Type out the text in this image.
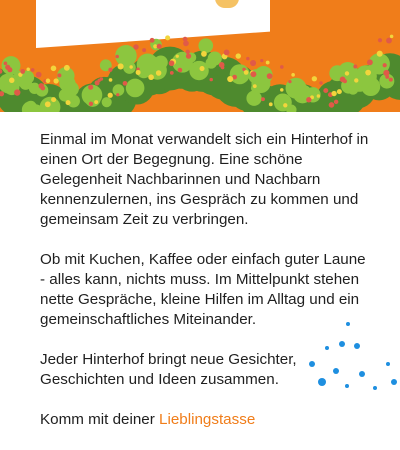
Einmal im Monat verwandelt sich ein Hinterhof in einen Ort der Begegnung. Eine schöne Gelegenheit Nachbarinnen und Nachbarn kennenzulernen, ins Gespräch zu kommen und gemeinsam Zeit zu verbringen.

Ob mit Kuchen, Kaffee oder einfach guter Laune - alles kann, nichts muss. Im Mittelpunkt stehen nette Gespräche, kleine Hilfen im Alltag und ein gemeinschaftliches Miteinander.

Jeder Hinterhof bringt neue Gesichter, Geschichten und Ideen zusammen.

Komm mit deiner Lieblingstasse
